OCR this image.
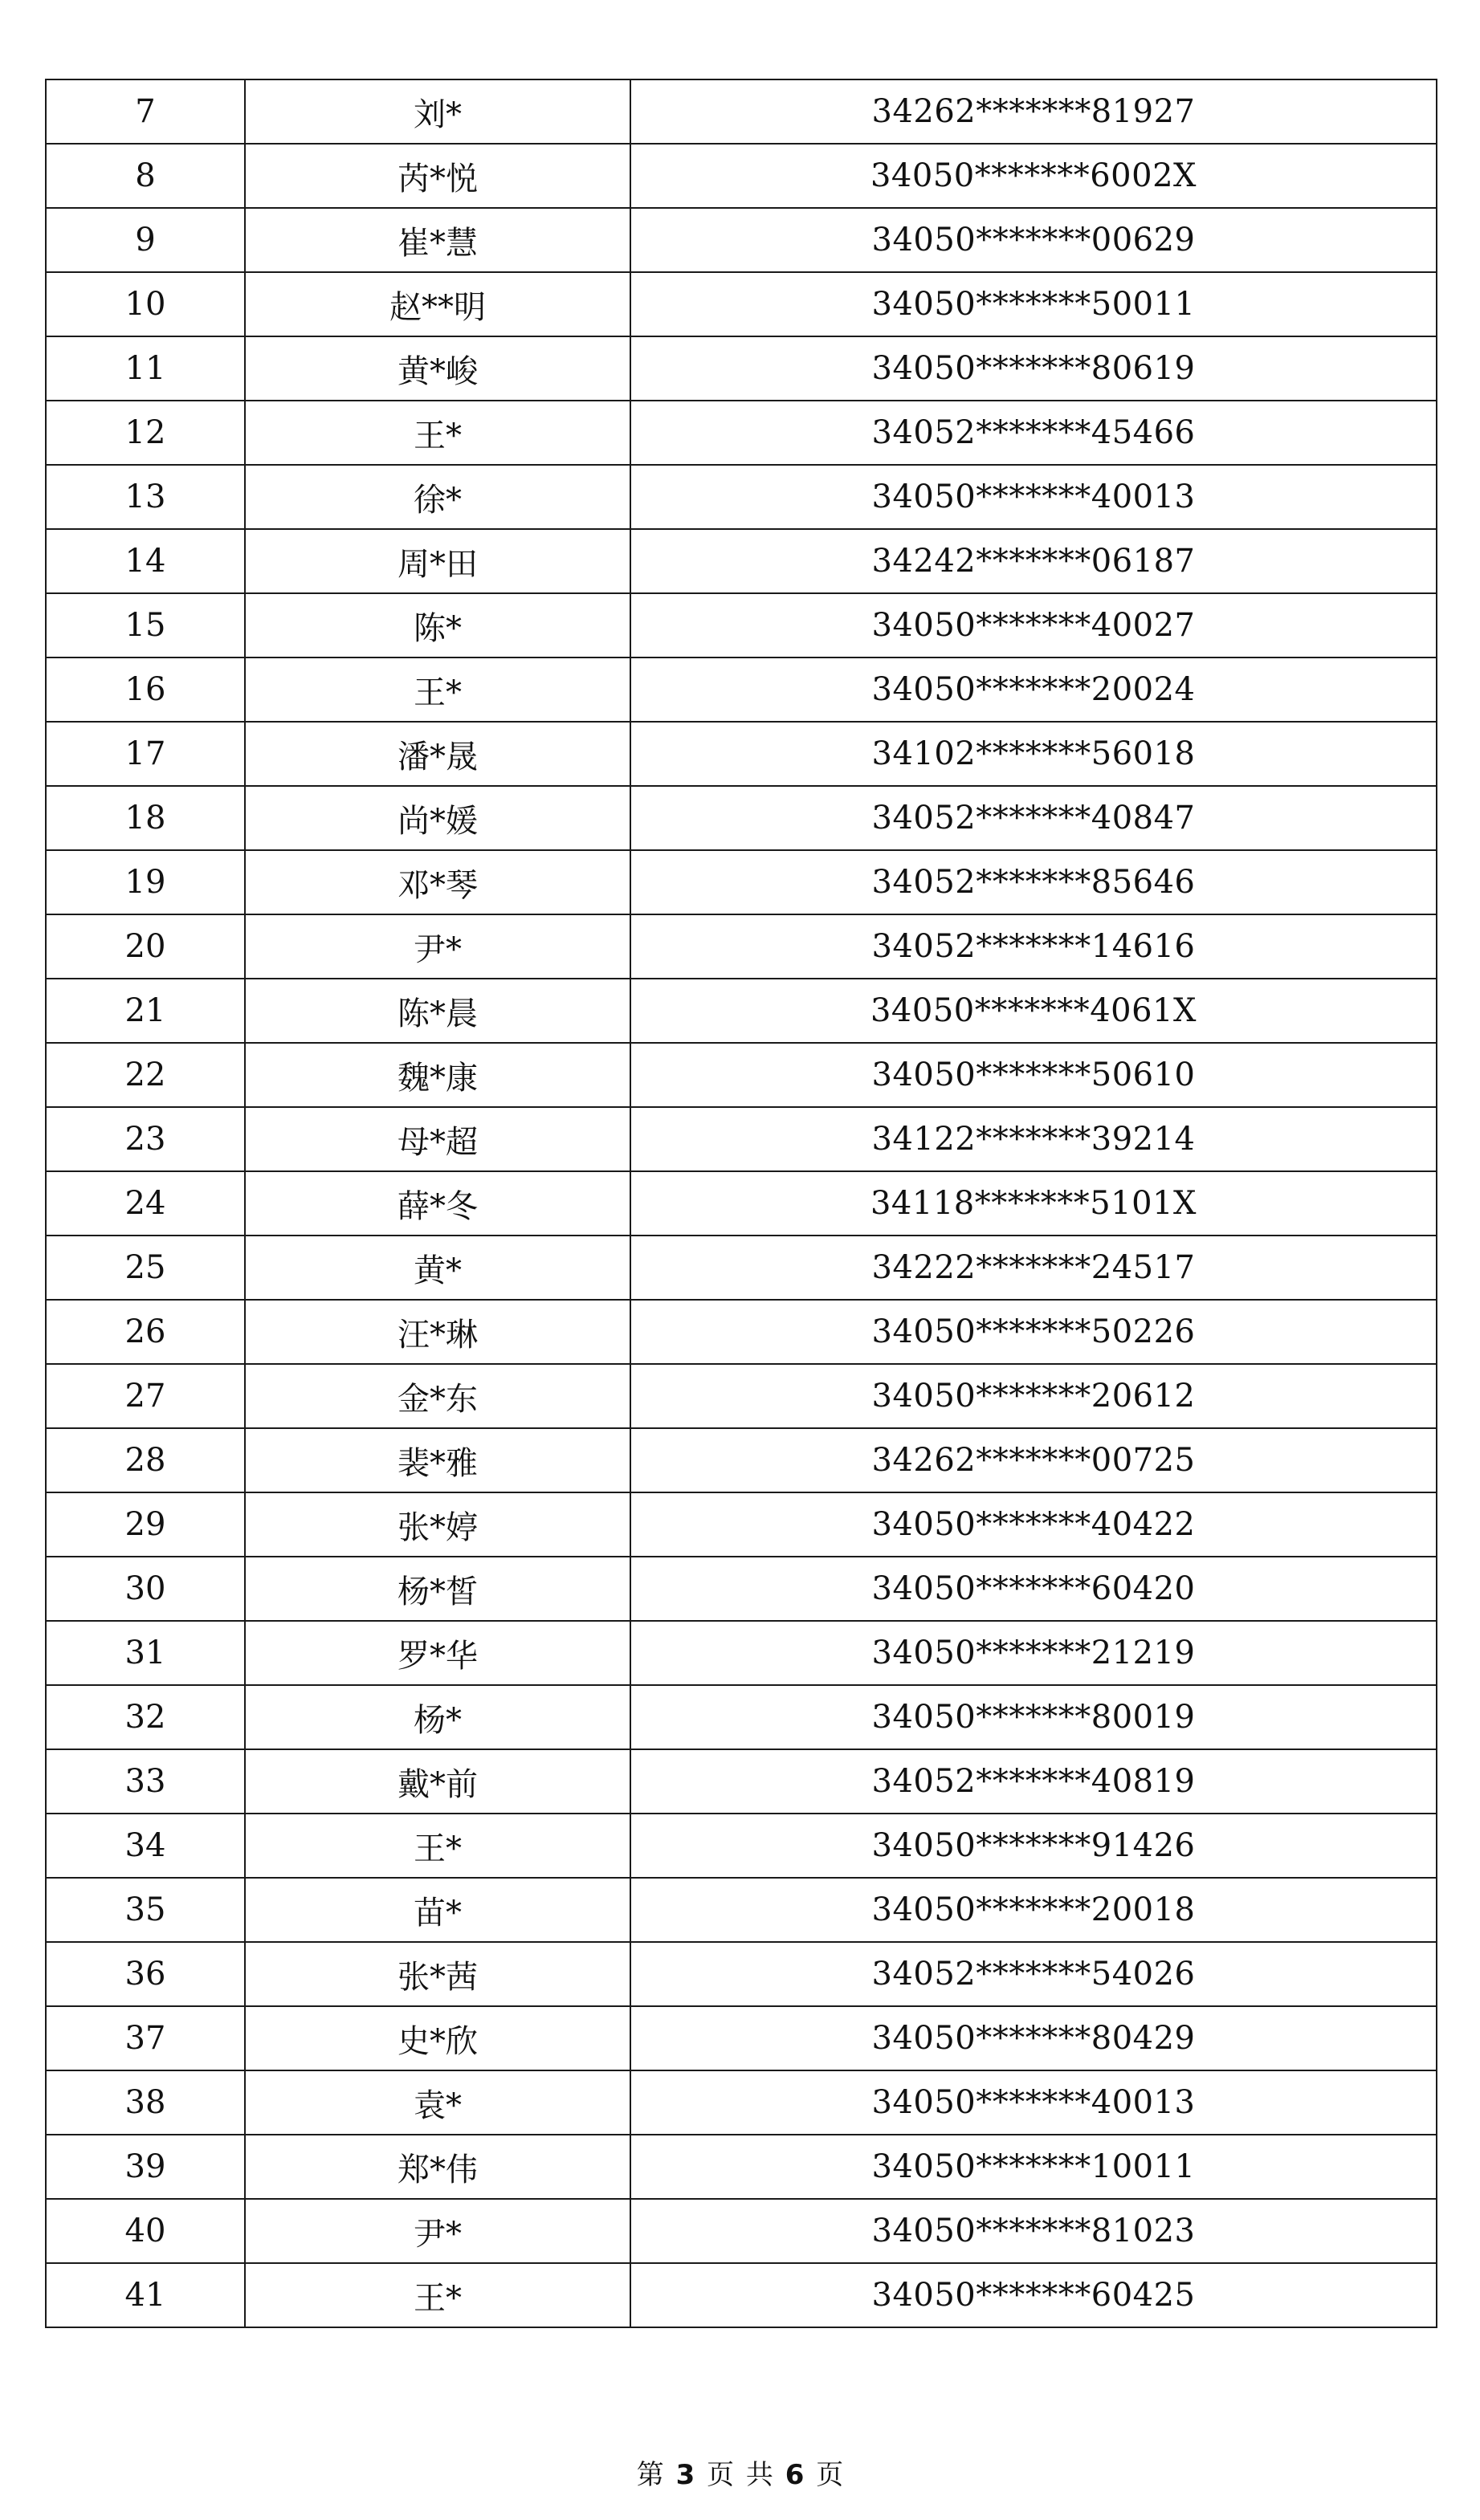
7	刘*	34262*******81927
8	芮*悦	34050*******6002X
9	崔*慧	34050*******00629
10	赵**明	34050*******50011
11	黄*峻	34050*******80619
12	王*	34052*******45466
13	徐*	34050*******40013
14	周*田	34242*******06187
15	陈*	34050*******40027
16	王*	34050*******20024
17	潘*晟	34102*******56018
18	尚*媛	34052*******40847
19	邓*琴	34052*******85646
20	尹*	34052*******14616
21	陈*晨	34050*******4061X
22	魏*康	34050*******50610
23	母*超	34122*******39214
24	薛*冬	34118*******5101X
25	黄*	34222*******24517
26	汪*琳	34050*******50226
27	金*东	34050*******20612
28	裴*雅	34262*******00725
29	张*婷	34050*******40422
30	杨*皙	34050*******60420
31	罗*华	34050*******21219
32	杨*	34050*******80019
33	戴*前	34052*******40819
34	王*	34050*******91426
35	苗*	34050*******20018
36	张*茜	34052*******54026
37	史*欣	34050*******80429
38	袁*	34050*******40013
39	郑*伟	34050*******10011
40	尹*	34050*******81023
41	王*	34050*******60425
第 3 页 共 6 页
